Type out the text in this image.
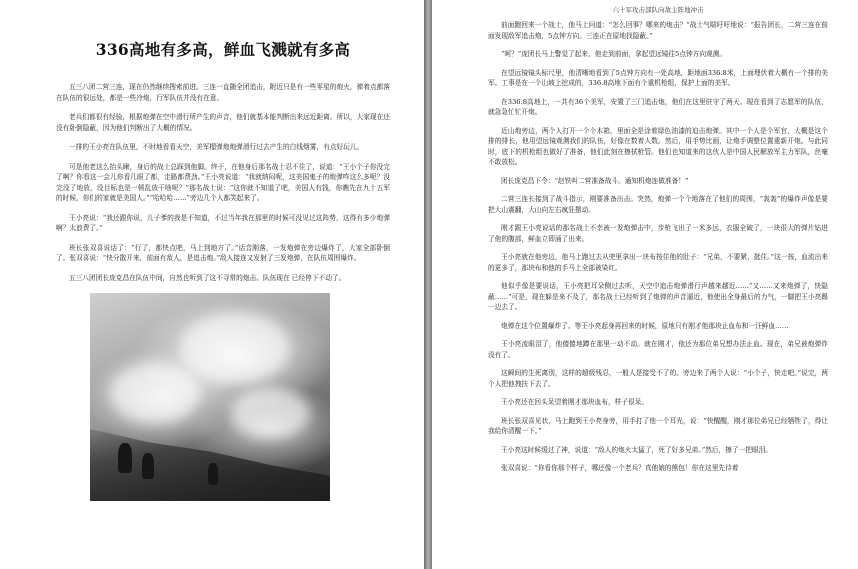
336高地有多高，鲜血飞溅就有多高

五三八团二营三连，现在仍然继续搜索前进。三连一直随全团追击，附近只是有一些零星的炮火，弹着点都落在队伍的很远处，都是一些冷炮，行军队伍并没有在意。

老兵们都很有经验，根据炮弹在空中滑行所产生的声音，他们就基本能判断出来远近距离。所以，大家现在还没有卧倒隐蔽，因为他们判断出了大概的情况。

一排的王小亮在队伍里，不时地看看天空，美军榴弹炮炮弹滑行过去产生的白线烟雾，有点好玩儿。

可是他老这么抬头瞅，身后的战士总踩到他脚。终于，在他身后那名战士忍不住了，说道：“王小个子你没完了啊？你看这一会儿你看几眼了都，走路都费劲。”王小亮说道：“我就纳闷呢，这美国鬼子的炮弹咋这么多呢？没完没了地放，没目标也是一顿乱放干啥呢？”那名战士说：“这你就不知道了吧，美国人有钱，你瞧先在九十五军的时候，你们的家就是美国人。”“哈哈哈……”旁边几个人都笑起来了。

王小亮说：“我还跟你说，儿子爹的我是不知道，不过当年我在那里的时候可没见过这阵势，这得有多少炮弹啊？太浪费了。”

班长张双喜说话了：“行了，都快点吧，马上到地方了。”话音刚落，一发炮弹在旁边爆炸了，大家全部卧倒了。张双喜说：“快分散开来，前面有敌人，是追击炮。”敌人接连又发射了三发炮弹，在队伍周围爆炸。

五三八团团长庞克昌在队伍中间，自然也听到了这不寻常的炮击。队伍现在 已经停下不动了。

六十军攻击部队向敌主阵地冲击

前面跑回来一个战士，他马上问道：“怎么回事？哪来的炮击？”战士气喘吁吁地说：“报告团长，二营三连在前面发现敌军追击炮，5点钟方向。三连正在原地找隐蔽。”

“呵？”庞团长马上警觉了起来，他走到前面，拿起望远镜往5点钟方向观测。

在望远镜镜头标尺里，他清晰地看到了5点钟方向有一处高地，距地面336.8米，上面埋伏着大概有一个排的美军。工事是在一个山坡上挖成的，336.8高地下面有个重机枪组，保护上面的美军。

在336.8高地上，一共有36个美军，安置了三门追击炮，他们在这里驻守了两天。现在看到了志愿军的队伍，就急急忙忙开炮。

近山炮旁边，两个人打开一个个木箱，里面全是涂着绿色油漆的迫击炮弹。其中一个人是个军官，大概是这个排的排长，他用望远镜观测我们的队伍，好像在数着人数。然后，用手势比画，让炮手调整位置重新开炮。与此同时，底下的机枪组也做好了准备，他们此刻在擦拭枪管。他们也知道来的这伙人是中国人民解放军主力军队，丝毫不敢放松。

团长庞克昌下令：“赵铁叫二营准备战斗。通知机炮连做准备！”

二营三连长接到了战斗指示，刚要准备出击。突然，炮弹一个个地落在了他们的周围，“轰轰”的爆炸声像是要把大山震翻，大山向左右疯狂摆动。

刚才跟王小亮说话的那名战士不幸被一发炮弹击中，步枪飞出了一米多远，衣服全破了，一块很大的弹片钻进了他的腹部，鲜血立即涌了出来。

王小亮就在他旁边，他马上跑过去从兜里拿出一块布按住他的肚子：“兄弟，不要紧，挺住。”这一按，血流出来的更多了，那块布和他的手马上全部被染红。

他似乎像是要说话，王小亮把耳朵侧过去听，天空中追击炮弹滑行声越来越近……“又……又来炮弹了，快隐蔽……”可是，现在躲是来不及了，那名战士已经听到了炮弹的声音逼近，他使出全身最后的力气，一脚把王小亮踢一边去了。

炮弹在这个位置爆炸了。等王小亮起身再回来的时候，原地只有刚才他那块止血布和一汪鲜血……

王小亮流眼泪了，他傻傻地蹲在那里一动不动。就在刚才，他还为那位弟兄想办法止血。现在，弟兄被炮弹炸没有了。

这瞬间的生死离别，这样的超级残忍，一般人是接受不了的。旁边来了两个人说：“小个子，快走吧。”说完，两个人把他拽扶下去了。

王小亮还在回头呆望着刚才那块血布，样子很呆。

班长张双喜见状，马上跑到王小亮身旁，用手打了他一个耳光，说：“快醒醒，刚才那位弟兄已经牺牲了，得让我给你清醒一下。”

王小亮这时候缓过了神，说道：“敌人的炮火太猛了，死了好多兄弟。”然后，擦了一把眼泪。

张双喜说：“你看你那个样子，哪还像一个老兵？真他娘的熊包！你在这里先待着
